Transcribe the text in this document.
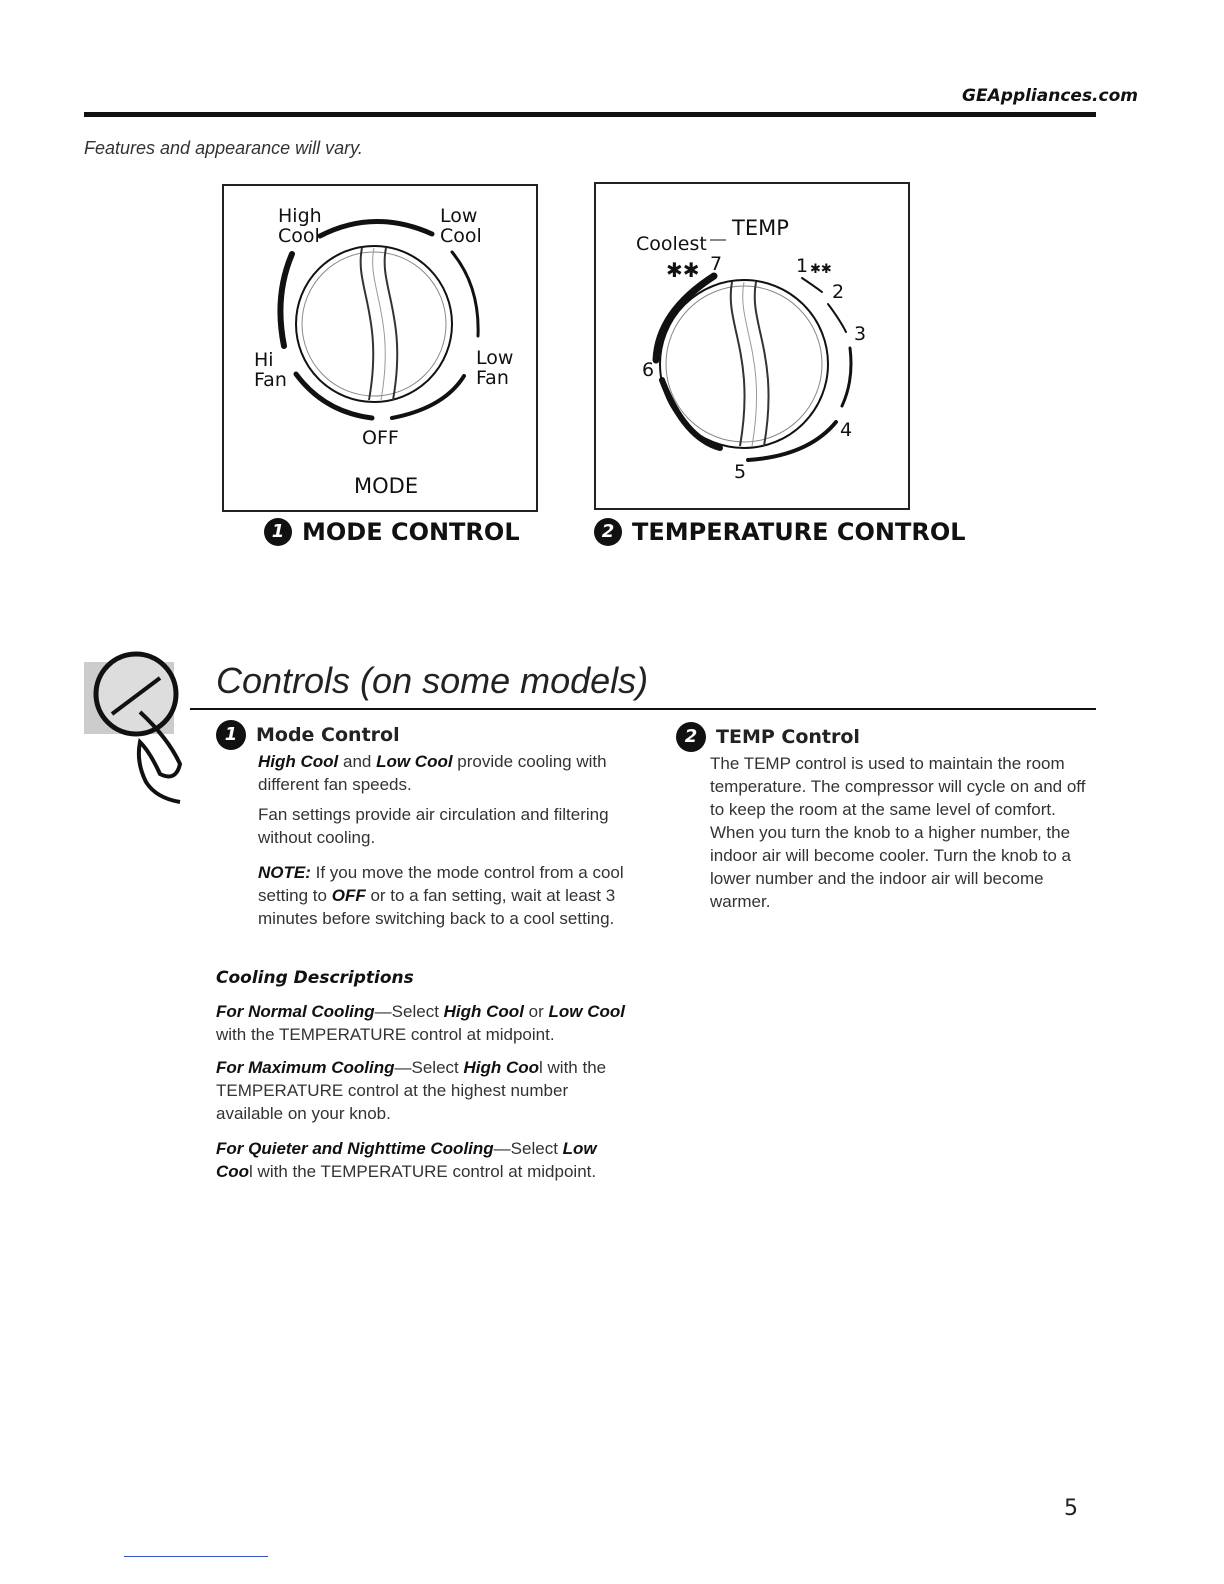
GEAppliances.com
Features and appearance will vary.
High
Cool
Low
Cool
Hi
Fan
Low
Fan
OFF
MODE
TEMP
Coolest
✱✱	✱✱
7	1
2
3
4
5
6
1 MODE CONTROL	2 TEMPERATURE CONTROL
Controls (on some models)
1 Mode Control
High Cool and Low Cool provide cooling with different fan speeds.
Fan settings provide air circulation and filtering without cooling.
NOTE: If you move the mode control from a cool setting to OFF or to a fan setting, wait at least 3 minutes before switching back to a cool setting.
Cooling Descriptions
For Normal Cooling—Select High Cool or Low Cool with the TEMPERATURE control at midpoint.
For Maximum Cooling—Select High Cool with the TEMPERATURE control at the highest number available on your knob.
For Quieter and Nighttime Cooling—Select Low Cool with the TEMPERATURE control at midpoint.
2 TEMP Control
The TEMP control is used to maintain the room temperature. The compressor will cycle on and off to keep the room at the same level of comfort. When you turn the knob to a higher number, the indoor air will become cooler. Turn the knob to a lower number and the indoor air will become warmer.
5
